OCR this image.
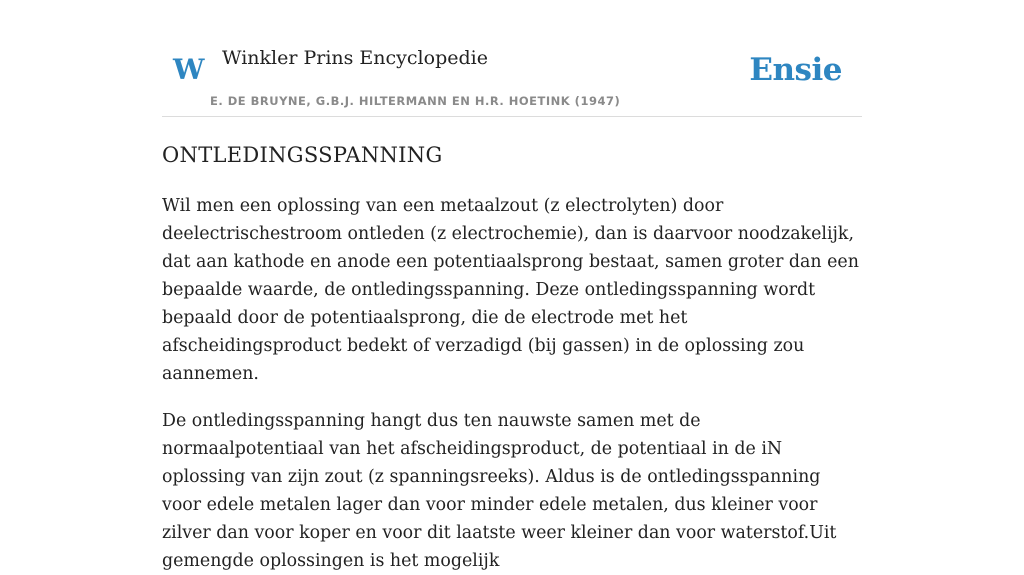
W Winkler Prins Encyclopedie
E. DE BRUYNE, G.B.J. HILTERMANN EN H.R. HOETINK (1947)
Ensie
ONTLEDINGSSPANNING

Wil men een oplossing van een metaalzout (z electrolyten) door deelectrischestroom ontleden (z electrochemie), dan is daarvoor noodzakelijk, dat aan kathode en anode een potentiaalsprong bestaat, samen groter dan een bepaalde waarde, de ontledingsspanning. Deze ontledingsspanning wordt bepaald door de potentiaalsprong, die de electrode met het afscheidingsproduct bedekt of verzadigd (bij gassen) in de oplossing zou aannemen.

De ontledingsspanning hangt dus ten nauwste samen met de normaalpotentiaal van het afscheidingsproduct, de potentiaal in de iN oplossing van zijn zout (z spanningsreeks). Aldus is de ontledingsspanning voor edele metalen lager dan voor minder edele metalen, dus kleiner voor zilver dan voor koper en voor dit laatste weer kleiner dan voor waterstof.Uit gemengde oplossingen is het mogelijk
